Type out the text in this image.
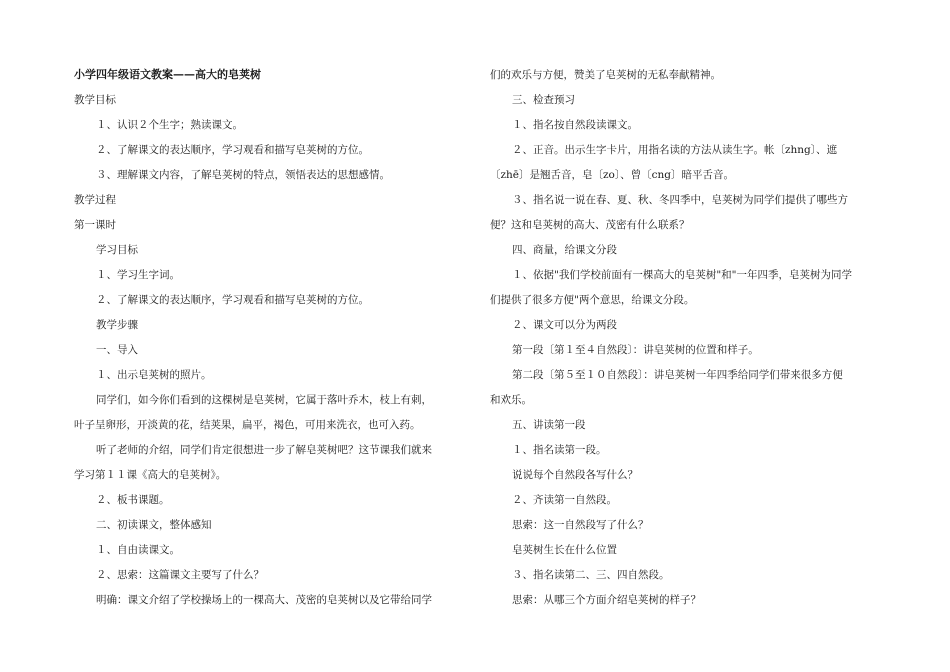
小学四年级语文教案——高大的皂荚树
教学目标
１、认识２个生字；熟读课文。
２、了解课文的表达顺序，学习观看和描写皂荚树的方位。
３、理解课文内容，了解皂荚树的特点，领悟表达的思想感情。
教学过程
第一课时
学习目标
１、学习生字词。
２、了解课文的表达顺序，学习观看和描写皂荚树的方位。
教学步骤
一、导入
１、出示皂荚树的照片。
同学们，如今你们看到的这棵树是皂荚树，它属于落叶乔木，枝上有刺，
叶子呈卵形，开淡黄的花，结荚果，扁平，褐色，可用来洗衣，也可入药。
听了老师的介绍，同学们肯定很想进一步了解皂荚树吧？这节课我们就来
学习第１１课《高大的皂荚树》。
２、板书课题。
二、初读课文，整体感知
１、自由读课文。
２、思索：这篇课文主要写了什么？
明确：课文介绍了学校操场上的一棵高大、茂密的皂荚树以及它带给同学
们的欢乐与方便，赞美了皂荚树的无私奉献精神。
三、检查预习
１、指名按自然段读课文。
２、正音。出示生字卡片，用指名读的方法从读生字。帐〔zhng〕、遮
〔zhē〕是翘舌音，皂〔zo〕、曾〔cng〕暗平舌音。
３、指名说一说在春、夏、秋、冬四季中，皂荚树为同学们提供了哪些方
便？这和皂荚树的高大、茂密有什么联系？
四、商量，给课文分段
１、依据"我们学校前面有一棵高大的皂荚树"和"一年四季，皂荚树为同学
们提供了很多方便"两个意思，给课文分段。
２、课文可以分为两段
第一段〔第１至４自然段〕：讲皂荚树的位置和样子。
第二段〔第５至１０自然段〕：讲皂荚树一年四季给同学们带来很多方便
和欢乐。
五、讲读第一段
１、指名读第一段。
说说每个自然段各写什么？
２、齐读第一自然段。
思索：这一自然段写了什么？
皂荚树生长在什么位置
３、指名读第二、三、四自然段。
思索：从哪三个方面介绍皂荚树的样子？
